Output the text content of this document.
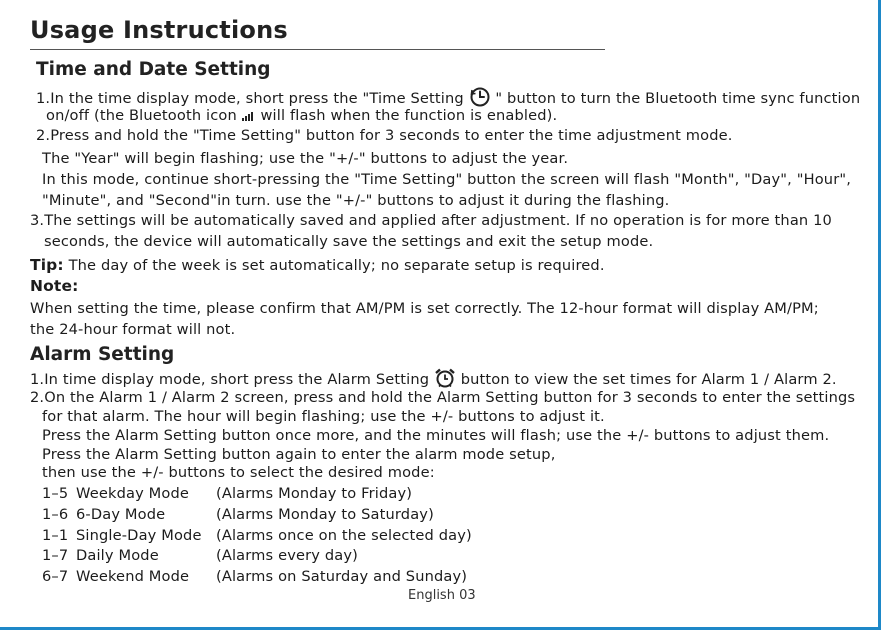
Usage Instructions
Time and Date Setting
1.In the time display mode, short press the "Time Setting " button to turn the Bluetooth time sync function
on/off (the Bluetooth icon will flash when the function is enabled).
2.Press and hold the "Time Setting" button for 3 seconds to enter the time adjustment mode.
The "Year" will begin flashing; use the "+/-" buttons to adjust the year.
In this mode, continue short-pressing the "Time Setting" button the screen will flash "Month", "Day", "Hour",
"Minute", and "Second"in turn. use the "+/-" buttons to adjust it during the flashing.
3.The settings will be automatically saved and applied after adjustment. If no operation is for more than 10
seconds, the device will automatically save the settings and exit the setup mode.
Tip: The day of the week is set automatically; no separate setup is required.
Note:
When setting the time, please confirm that AM/PM is set correctly. The 12-hour format will display AM/PM;
the 24-hour format will not.
Alarm Setting
1.In time display mode, short press the Alarm Setting button to view the set times for Alarm 1 / Alarm 2.
2.On the Alarm 1 / Alarm 2 screen, press and hold the Alarm Setting button for 3 seconds to enter the settings
for that alarm. The hour will begin flashing; use the +/- buttons to adjust it.
Press the Alarm Setting button once more, and the minutes will flash; use the +/- buttons to adjust them.
Press the Alarm Setting button again to enter the alarm mode setup,
then use the +/- buttons to select the desired mode:
1–5 Weekday Mode (Alarms Monday to Friday)
1–6 6-Day Mode	(Alarms Monday to Saturday)
1–1 Single-Day Mode (Alarms once on the selected day)
1–7 Daily Mode	(Alarms every day)
6–7 Weekend Mode (Alarms on Saturday and Sunday)
English 03
